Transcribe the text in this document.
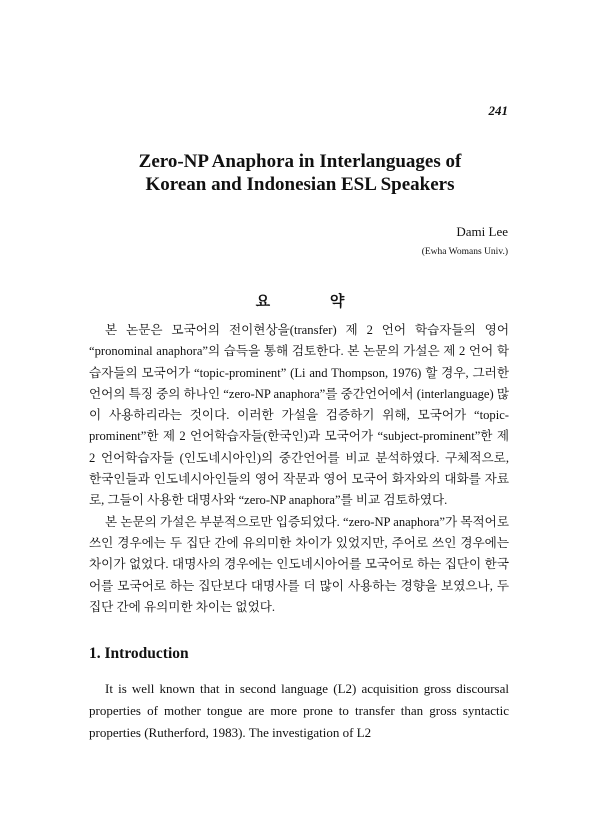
241
Zero-NP Anaphora in Interlanguages of
Korean and Indonesian ESL Speakers
Dami Lee
(Ewha Womans Univ.)
요 약

본 논문은 모국어의 전이현상을(transfer) 제 2 언어 학습자들의 영어 “pronominal anaphora”의 습득을 통해 검토한다. 본 논문의 가설은 제 2 언어 학습자들의 모국어가 “topic-prominent” (Li and Thompson, 1976) 할 경우, 그러한 언어의 특징 중의 하나인 “zero-NP anaphora”를 중간언어에서 (interlanguage) 많이 사용하리라는 것이다. 이러한 가설을 검증하기 위해, 모국어가 “topic-prominent”한 제 2 언어학습자들(한국인)과 모국어가 “subject-prominent”한 제 2 언어학습자들 (인도네시아인)의 중간언어를 비교 분석하였다. 구체적으로, 한국인들과 인도네시아인들의 영어 작문과 영어 모국어 화자와의 대화를 자료로, 그들이 사용한 대명사와 “zero-NP anaphora”를 비교 검토하였다.

본 논문의 가설은 부분적으로만 입증되었다. “zero-NP anaphora”가 목적어로 쓰인 경우에는 두 집단 간에 유의미한 차이가 있었지만, 주어로 쓰인 경우에는 차이가 없었다. 대명사의 경우에는 인도네시아어를 모국어로 하는 집단이 한국어를 모국어로 하는 집단보다 대명사를 더 많이 사용하는 경향을 보였으나, 두 집단 간에 유의미한 차이는 없었다.

1. Introduction

It is well known that in second language (L2) acquisition gross discoursal properties of mother tongue are more prone to transfer than gross syntactic properties (Rutherford, 1983). The investigation of L2
